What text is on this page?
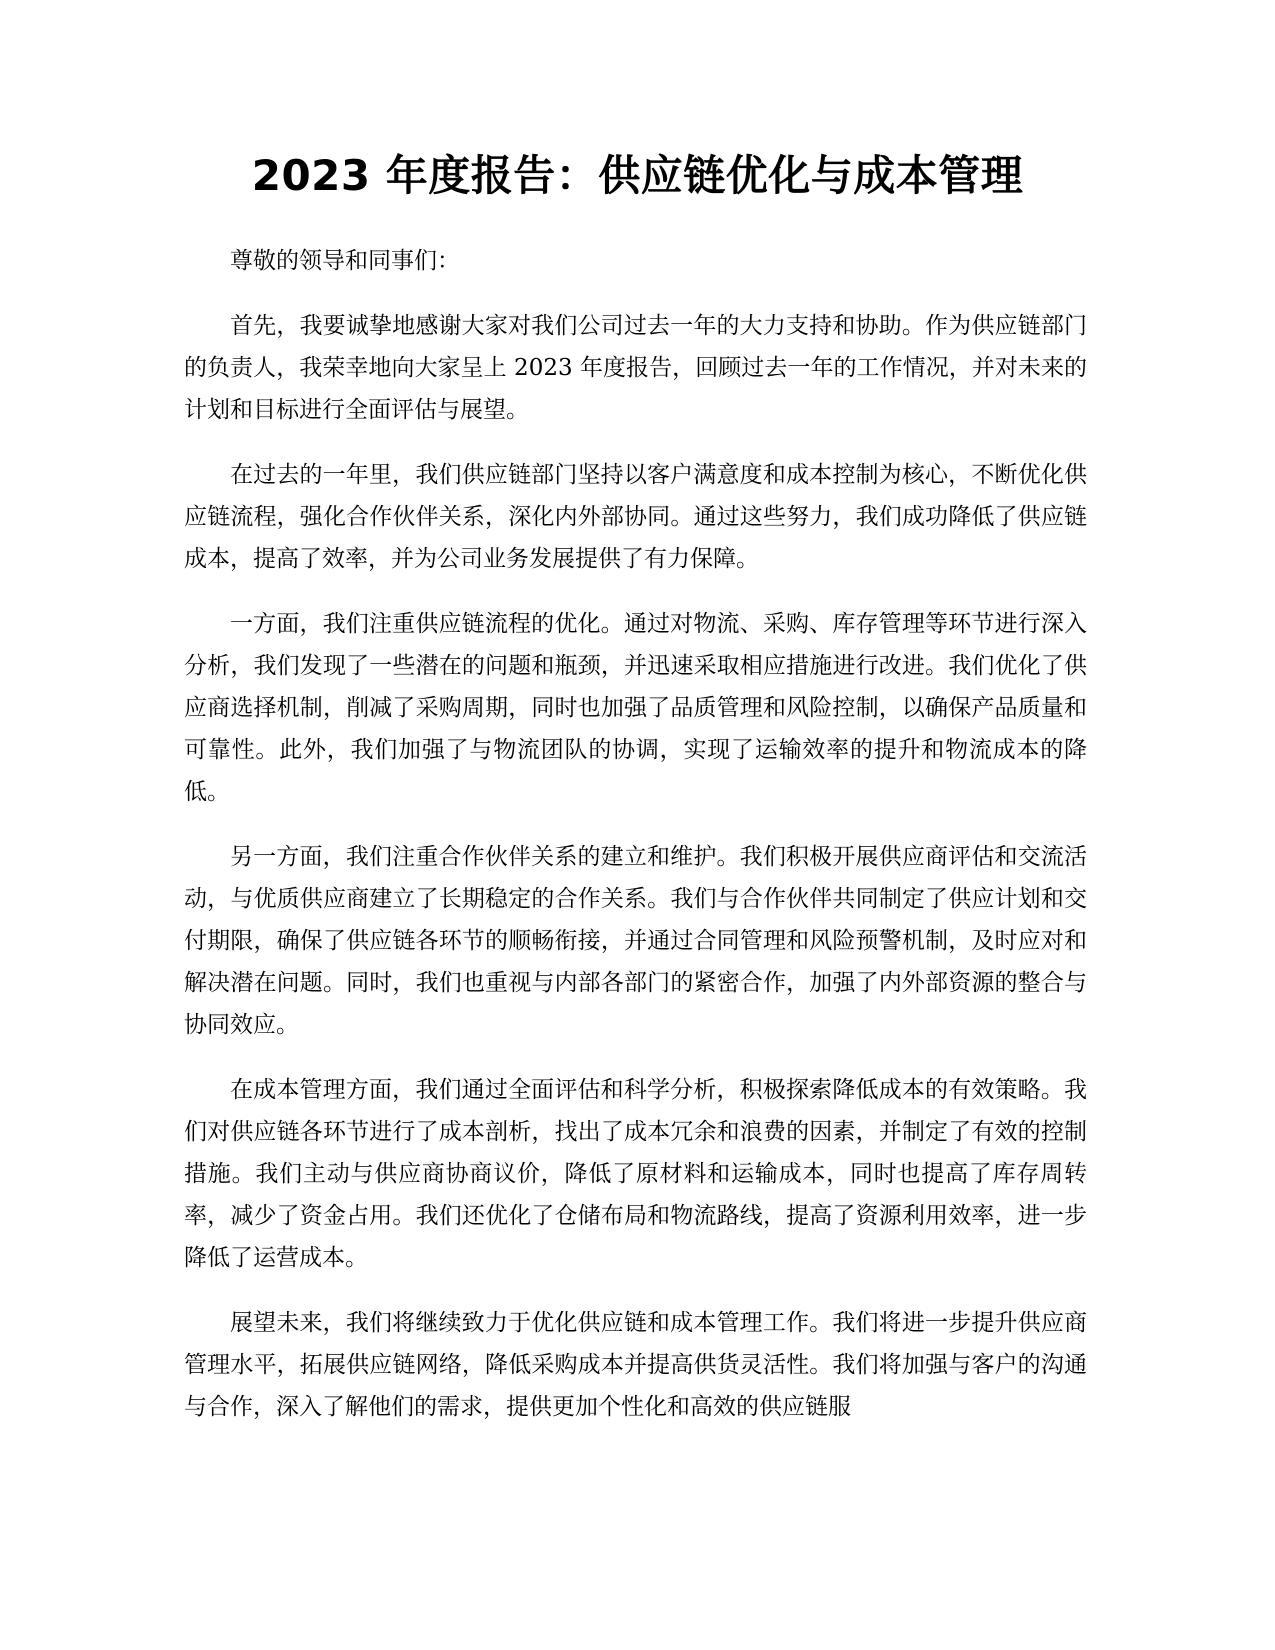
2023 年度报告：供应链优化与成本管理

尊敬的领导和同事们：

首先，我要诚挚地感谢大家对我们公司过去一年的大力支持和协助。作为供应链部门的负责人，我荣幸地向大家呈上 2023 年度报告，回顾过去一年的工作情况，并对未来的计划和目标进行全面评估与展望。

在过去的一年里，我们供应链部门坚持以客户满意度和成本控制为核心，不断优化供应链流程，强化合作伙伴关系，深化内外部协同。通过这些努力，我们成功降低了供应链成本，提高了效率，并为公司业务发展提供了有力保障。

一方面，我们注重供应链流程的优化。通过对物流、采购、库存管理等环节进行深入分析，我们发现了一些潜在的问题和瓶颈，并迅速采取相应措施进行改进。我们优化了供应商选择机制，削减了采购周期，同时也加强了品质管理和风险控制，以确保产品质量和可靠性。此外，我们加强了与物流团队的协调，实现了运输效率的提升和物流成本的降低。

另一方面，我们注重合作伙伴关系的建立和维护。我们积极开展供应商评估和交流活动，与优质供应商建立了长期稳定的合作关系。我们与合作伙伴共同制定了供应计划和交付期限，确保了供应链各环节的顺畅衔接，并通过合同管理和风险预警机制，及时应对和解决潜在问题。同时，我们也重视与内部各部门的紧密合作，加强了内外部资源的整合与协同效应。

在成本管理方面，我们通过全面评估和科学分析，积极探索降低成本的有效策略。我们对供应链各环节进行了成本剖析，找出了成本冗余和浪费的因素，并制定了有效的控制措施。我们主动与供应商协商议价，降低了原材料和运输成本，同时也提高了库存周转率，减少了资金占用。我们还优化了仓储布局和物流路线，提高了资源利用效率，进一步降低了运营成本。

展望未来，我们将继续致力于优化供应链和成本管理工作。我们将进一步提升供应商管理水平，拓展供应链网络，降低采购成本并提高供货灵活性。我们将加强与客户的沟通与合作，深入了解他们的需求，提供更加个性化和高效的供应链服
